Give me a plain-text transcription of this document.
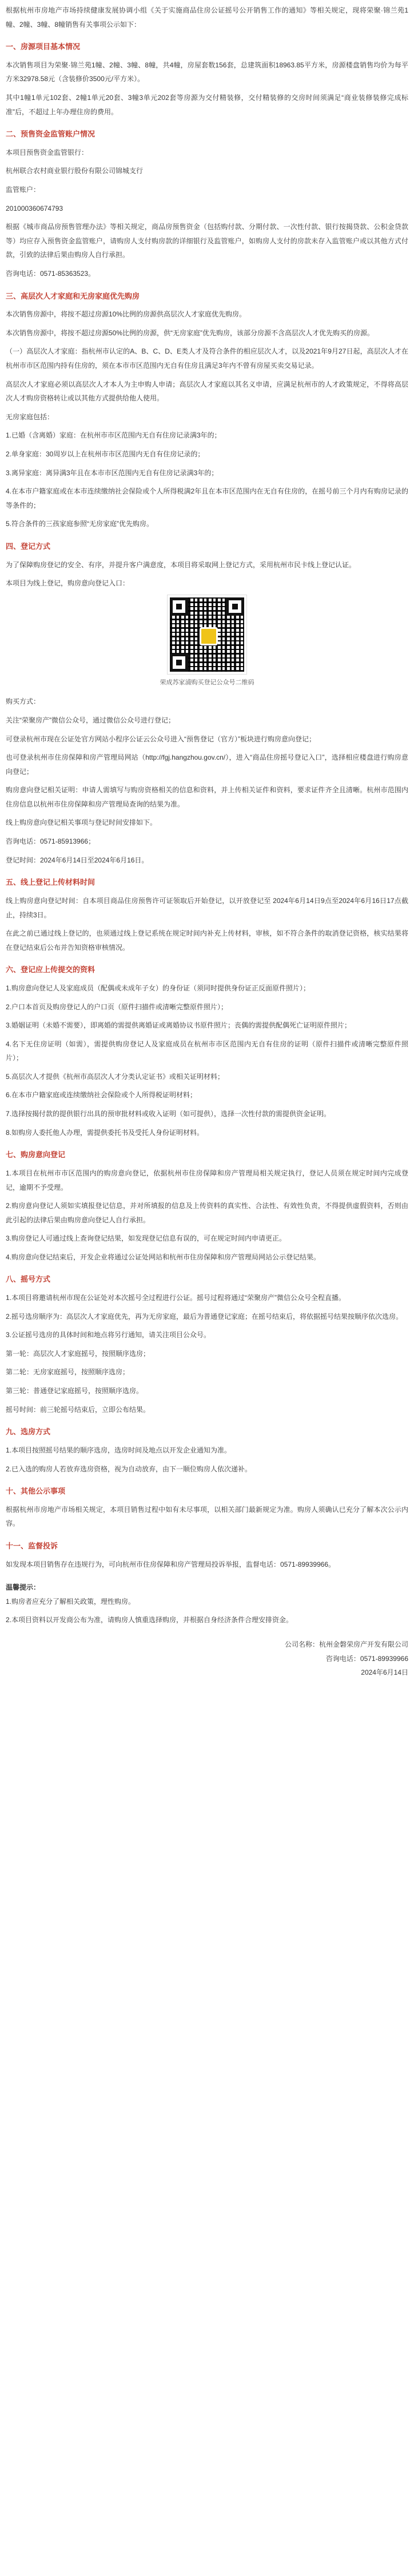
根据杭州市房地产市场持续健康发展协调小组《关于实施商品住房公证摇号公开销售工作的通知》等相关规定，现将荣聚·锦兰苑1幢、2幢、3幢、8幢销售有关事项公示如下：

一、房源项目基本情况

本次销售项目为荣聚·锦兰苑1幢、2幢、3幢、8幢，共4幢，房屋套数156套，总建筑面积18963.85平方米，房源楼盘销售均价为每平方米32978.58元（含装修价3500元/平方米）。

其中1幢1单元102套、2幢1单元20套、3幢3单元202套等房源为交付精装修，交付精装修的交房时间须满足“商业装修装修完成标准”后，不超过上年办理住房的费用。

二、预售资金监管账户情况

本项目预售资金监管银行：

杭州联合农村商业银行股份有限公司锦城支行

监管账户：

201000360674793

根据《城市商品房预售管理办法》等相关规定，商品房预售资金（包括购付款、分期付款、一次性付款、银行按揭贷款、公积金贷款等）均应存入预售资金监管账户，请购房人支付购房款的详细银行及监管账户，如购房人支付的房款未存入监管账户或以其他方式付款，引致的法律后果由购房人自行承担。

咨询电话：0571-85363523。

三、高层次人才家庭和无房家庭优先购房

本次销售房源中，将按不超过房源10%比例的房源供高层次人才家庭优先购房。

本次销售房源中，将按不超过房源50%比例的房源，供“无房家庭”优先购房，该部分房源不含高层次人才优先购买的房源。

（一）高层次人才家庭：指杭州市认定的A、B、C、D、E类人才及符合条件的相应层次人才，以及2021年9月27日起，高层次人才在杭州市市区范围内持有住房的，须在本市市区范围内无自有住房且满足3年内不曾有房屋买卖交易记录。

高层次人才家庭必须以高层次人才本人为主申购人申请；高层次人才家庭以其名义申请，应满足杭州市的人才政策规定，不得将高层次人才购房资格转让或以其他方式提供给他人使用。

无房家庭包括：

1.已婚（含离婚）家庭：在杭州市市区范围内无自有住房记录满3年的；

2.单身家庭：30周岁以上在杭州市市区范围内无自有住房记录的；

3.离异家庭：离异满3年且在本市市区范围内无自有住房记录满3年的；

4.在本市户籍家庭或在本市连续缴纳社会保险或个人所得税满2年且在本市区范围内在无自有住房的，在摇号前三个月内有购房记录的等条件的；

5.符合条件的三孩家庭参照“无房家庭”优先购房。

四、登记方式

为了保障购房登记的安全、有序，并提升客户满意度，本项目将采取网上登记方式，采用杭州市民卡线上登记认证。

本项目为线上登记，购房意向登记入口：

荣成苏家浦购买登记公众号二维码

购买方式：

关注“荣聚房产”微信公众号，通过微信公众号进行登记；

可登录杭州市现在公证处官方网站小程序公证云公众号进入“预售登记（官方）”板块进行购房意向登记；

也可登录杭州市住房保障和房产管理局网站（http://fgj.hangzhou.gov.cn/），进入“商品住房摇号登记入口”，选择相应楼盘进行购房意向登记；

购房意向登记相关证明：申请人需填写与购房资格相关的信息和资料，并上传相关证件和资料，要求证件齐全且清晰。杭州市范围内住房信息以杭州市住房保障和房产管理局查询的结果为准。

线上购房意向登记相关事项与登记时间安排如下。

咨询电话：0571-85913966；

登记时间：2024年6月14日至2024年6月16日。

五、线上登记上传材料时间

线上购房意向登记时间：自本项目商品住房预售许可证领取后开始登记，以开放登记至 2024年6月14日9点至2024年6月16日17点截止，持续3日。

在此之前已通过线上登记的，也须通过线上登记系统在规定时间内补充上传材料，审核，如不符合条件的取消登记资格，核实结果将在登记结束后公布并告知资格审核情况。

六、登记应上传提交的资料

1.购房意向登记人及家庭成员（配偶或未成年子女）的身份证（须同时提供身份证正反面原件照片）；

2.户口本首页及购房登记人的户口页（原件扫描件或清晰完整原件照片）；

3.婚姻证明（未婚不需要），即离婚的需提供离婚证或离婚协议书原件照片；丧偶的需提供配偶死亡证明原件照片；

4.名下无住房证明（如需），需提供购房登记人及家庭成员在杭州市市区范围内无自有住房的证明（原件扫描件或清晰完整原件照片）；

5.高层次人才提供《杭州市高层次人才分类认定证书》或相关证明材料；

6.在本市户籍家庭或连续缴纳社会保险或个人所得税证明材料；

7.选择按揭付款的提供银行出具的预审批材料或收入证明（如可提供），选择一次性付款的需提供资金证明。

8.如购房人委托他人办理，需提供委托书及受托人身份证明材料。

七、购房意向登记

1.本项目在杭州市市区范围内的购房意向登记，依据杭州市住房保障和房产管理局相关规定执行，登记人员须在规定时间内完成登记，逾期不予受理。

2.购房意向登记人须如实填报登记信息，并对所填报的信息及上传资料的真实性、合法性、有效性负责，不得提供虚假资料，否则由此引起的法律后果由购房意向登记人自行承担。

3.购房登记人可通过线上查询登记结果，如发现登记信息有误的，可在规定时间内申请更正。

4.购房意向登记结束后，开发企业将通过公证处网站和杭州市住房保障和房产管理局网站公示登记结果。

八、摇号方式

1.本项目将邀请杭州市现在公证处对本次摇号全过程进行公证。摇号过程将通过“荣聚房产”微信公众号全程直播。

2.摇号选房顺序为：高层次人才家庭优先，再为无房家庭，最后为普通登记家庭；在摇号结束后，将依据摇号结果按顺序依次选房。

3.公证摇号选房的具体时间和地点将另行通知，请关注项目公众号。

第一轮：高层次人才家庭摇号，按照顺序选房；

第二轮：无房家庭摇号，按照顺序选房；

第三轮：普通登记家庭摇号，按照顺序选房。

摇号时间：前三轮摇号结束后，立即公布结果。

九、选房方式

1.本项目按照摇号结果的顺序选房，选房时间及地点以开发企业通知为准。

2.已入选的购房人若放弃选房资格，视为自动放弃，由下一顺位购房人依次递补。

十、其他公示事项

根据杭州市房地产市场相关规定，本项目销售过程中如有未尽事项，以相关部门最新规定为准。购房人须确认已充分了解本次公示内容。

十一、监督投诉

如发现本项目销售存在违规行为，可向杭州市住房保障和房产管理局投诉举报，监督电话：0571-89939966。

温馨提示：

1.购房者应充分了解相关政策，理性购房。

2.本项目资料以开发商公布为准，请购房人慎重选择购房，并根据自身经济条件合理安排资金。

公司名称：杭州金磐荣房产开发有限公司
咨询电话：0571-89939966
2024年6月14日
